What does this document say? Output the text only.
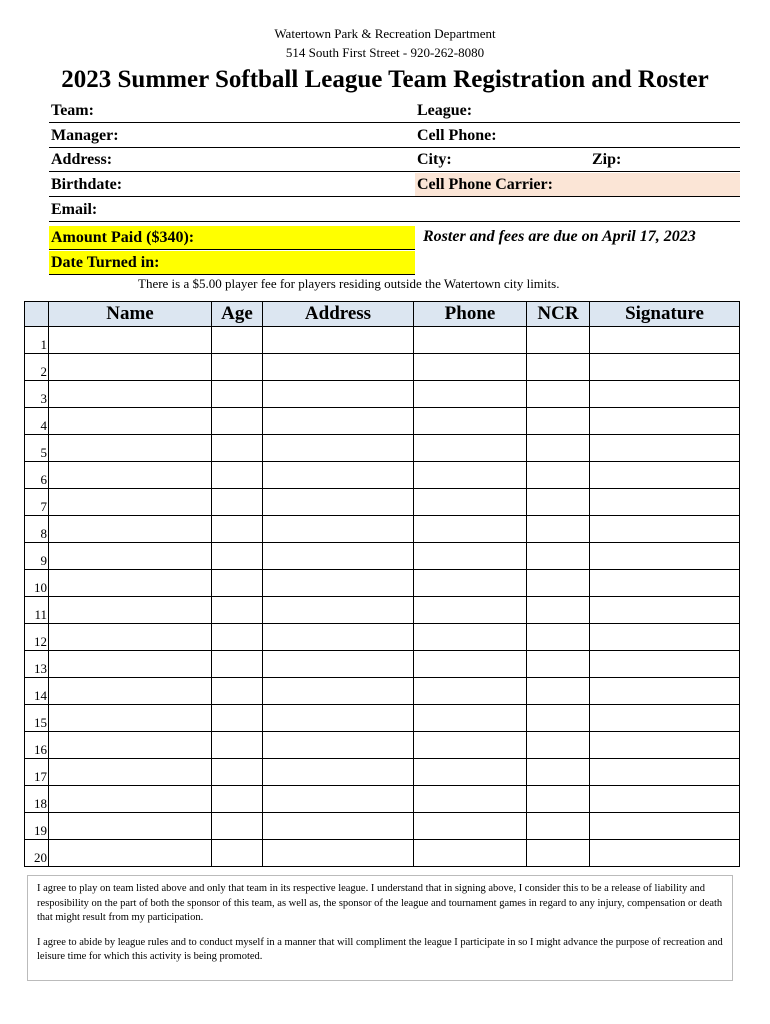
Watertown Park & Recreation Department
514 South First Street - 920-262-8080
2023 Summer Softball League Team Registration and Roster
Team:	League:
Manager:	Cell Phone:
Address:	City:	Zip:
Birthdate:	Cell Phone Carrier:
Email:
Amount Paid ($340):
Date Turned in:
Roster and fees are due on April 17, 2023
There is a $5.00 player fee for players residing outside the Watertown city limits.
	Name	Age	Address	Phone	NCR	Signature
1						
2						
3						
4						
5						
6						
7						
8						
9						
10						
11						
12						
13						
14						
15						
16						
17						
18						
19						
20						

I agree to play on team listed above and only that team in its respective league. I understand that in signing above, I consider this to be a release of liability and resposibility on the part of both the sponsor of this team, as well as, the sponsor of the league and tournament games in regard to any injury, compensation or death that might result from my participation.

I agree to abide by league rules and to conduct myself in a manner that will compliment the league I participate in so I might advance the purpose of recreation and leisure time for which this activity is being promoted.
